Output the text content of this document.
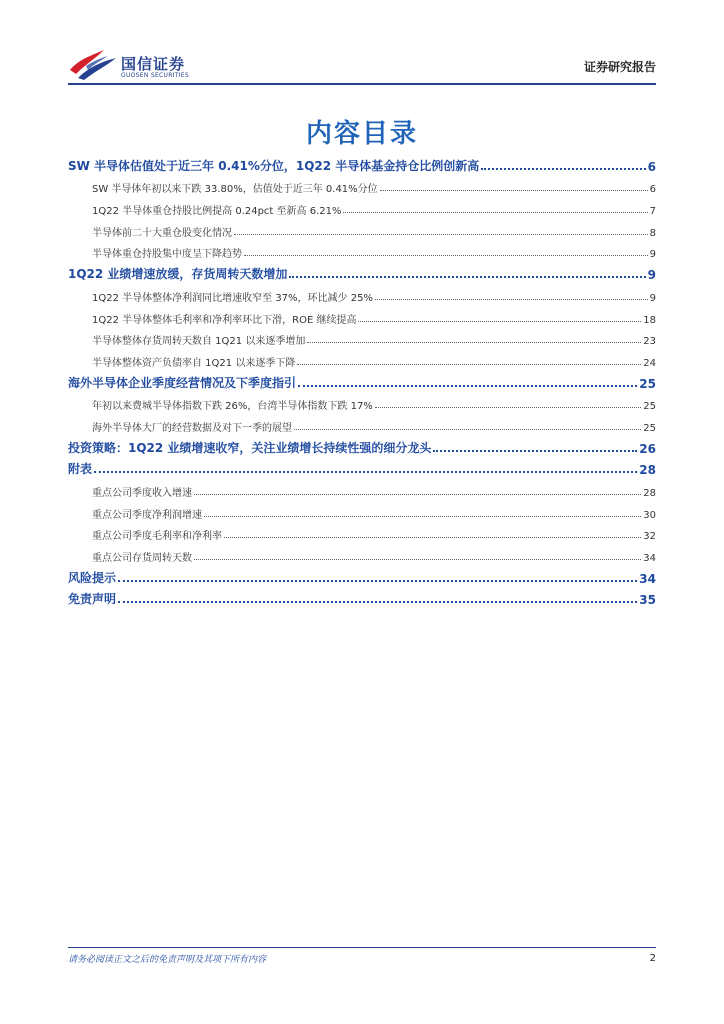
国信证券
GUOSEN SECURITIES
证券研究报告
内容目录
SW 半导体估值处于近三年 0.41%分位，1Q22 半导体基金持仓比例创新高	6
SW 半导体年初以来下跌 33.80%，估值处于近三年 0.41%分位	6
1Q22 半导体重仓持股比例提高 0.24pct 至新高 6.21%	7
半导体前二十大重仓股变化情况	8
半导体重仓持股集中度呈下降趋势	9
1Q22 业绩增速放缓，存货周转天数增加	9
1Q22 半导体整体净利润同比增速收窄至 37%，环比减少 25%	9
1Q22 半导体整体毛利率和净利率环比下滑，ROE 继续提高	18
半导体整体存货周转天数自 1Q21 以来逐季增加	23
半导体整体资产负债率自 1Q21 以来逐季下降	24
海外半导体企业季度经营情况及下季度指引	25
年初以来费城半导体指数下跌 26%，台湾半导体指数下跌 17%	25
海外半导体大厂的经营数据及对下一季的展望	25
投资策略：1Q22 业绩增速收窄，关注业绩增长持续性强的细分龙头	26
附表	28
重点公司季度收入增速	28
重点公司季度净利润增速	30
重点公司季度毛利率和净利率	32
重点公司存货周转天数	34
风险提示	34
免责声明	35
请务必阅读正文之后的免责声明及其项下所有内容	2
